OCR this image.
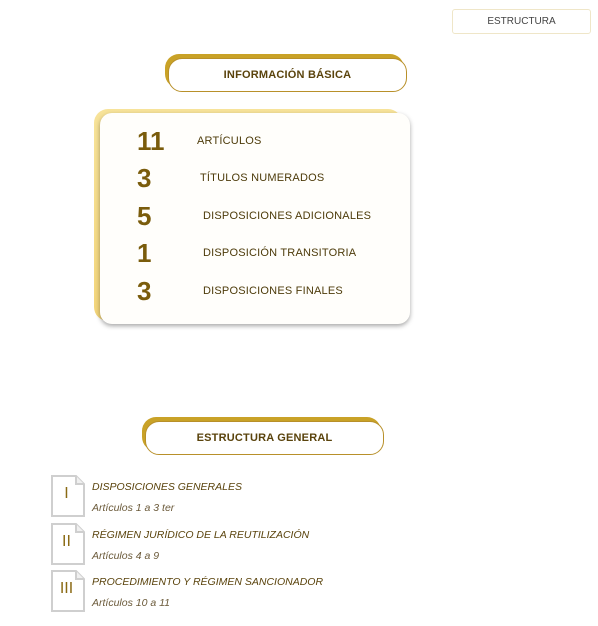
ESTRUCTURA
INFORMACIÓN BÁSICA
11	ARTÍCULOS
3	TÍTULOS NUMERADOS
5	DISPOSICIONES ADICIONALES
1	DISPOSICIÓN TRANSITORIA
3	DISPOSICIONES FINALES
ESTRUCTURA GENERAL
I	DISPOSICIONES GENERALES
Artículos 1 a 3 ter
II	RÉGIMEN JURÍDICO DE LA REUTILIZACIÓN
Artículos 4 a 9
III	PROCEDIMIENTO Y RÉGIMEN SANCIONADOR
Artículos 10 a 11
